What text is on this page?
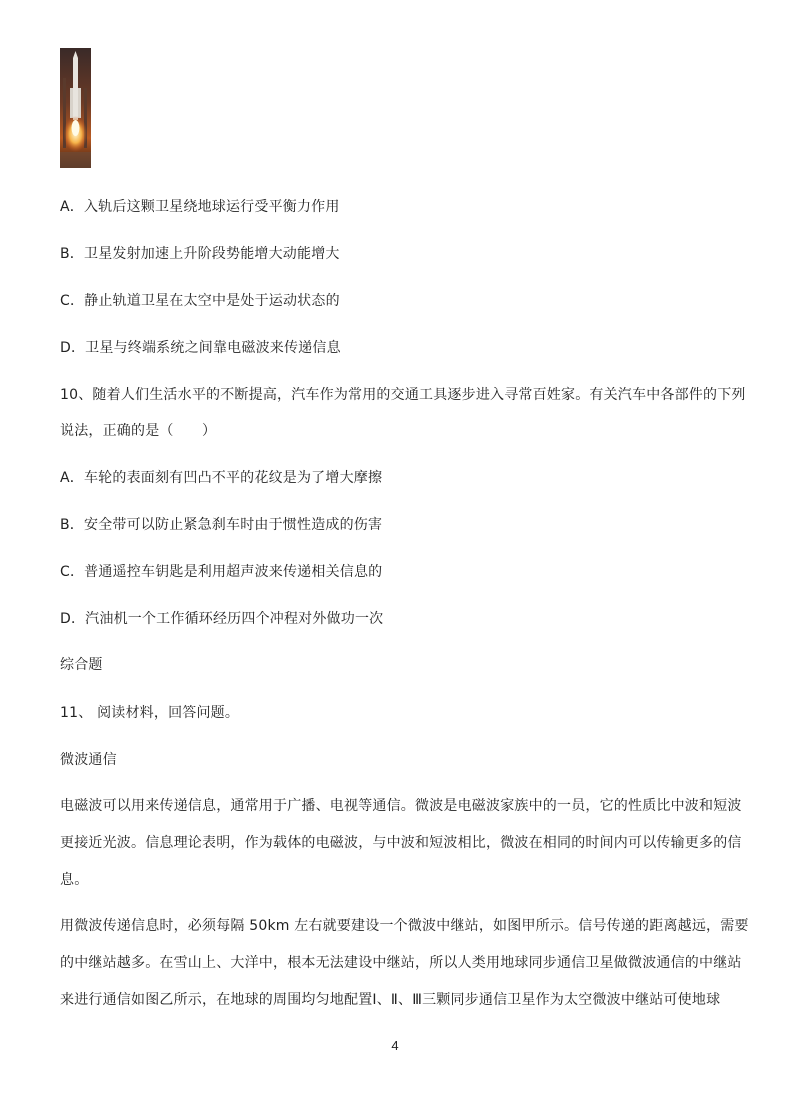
A．入轨后这颗卫星绕地球运行受平衡力作用
B．卫星发射加速上升阶段势能增大动能增大
C．静止轨道卫星在太空中是处于运动状态的
D．卫星与终端系统之间靠电磁波来传递信息
10、随着人们生活水平的不断提高，汽车作为常用的交通工具逐步进入寻常百姓家。有关汽车中各部件的下列
说法，正确的是（　　）
A．车轮的表面刻有凹凸不平的花纹是为了增大摩擦
B．安全带可以防止紧急刹车时由于惯性造成的伤害
C．普通遥控车钥匙是利用超声波来传递相关信息的
D．汽油机一个工作循环经历四个冲程对外做功一次
综合题
11、 阅读材料，回答问题。
微波通信
电磁波可以用来传递信息，通常用于广播、电视等通信。微波是电磁波家族中的一员，它的性质比中波和短波
更接近光波。信息理论表明，作为载体的电磁波，与中波和短波相比，微波在相同的时间内可以传输更多的信
息。
用微波传递信息时，必须每隔 50km 左右就要建设一个微波中继站，如图甲所示。信号传递的距离越远，需要
的中继站越多。在雪山上、大洋中，根本无法建设中继站，所以人类用地球同步通信卫星做微波通信的中继站
来进行通信如图乙所示，在地球的周围均匀地配置Ⅰ、Ⅱ、Ⅲ三颗同步通信卫星作为太空微波中继站可使地球
4
